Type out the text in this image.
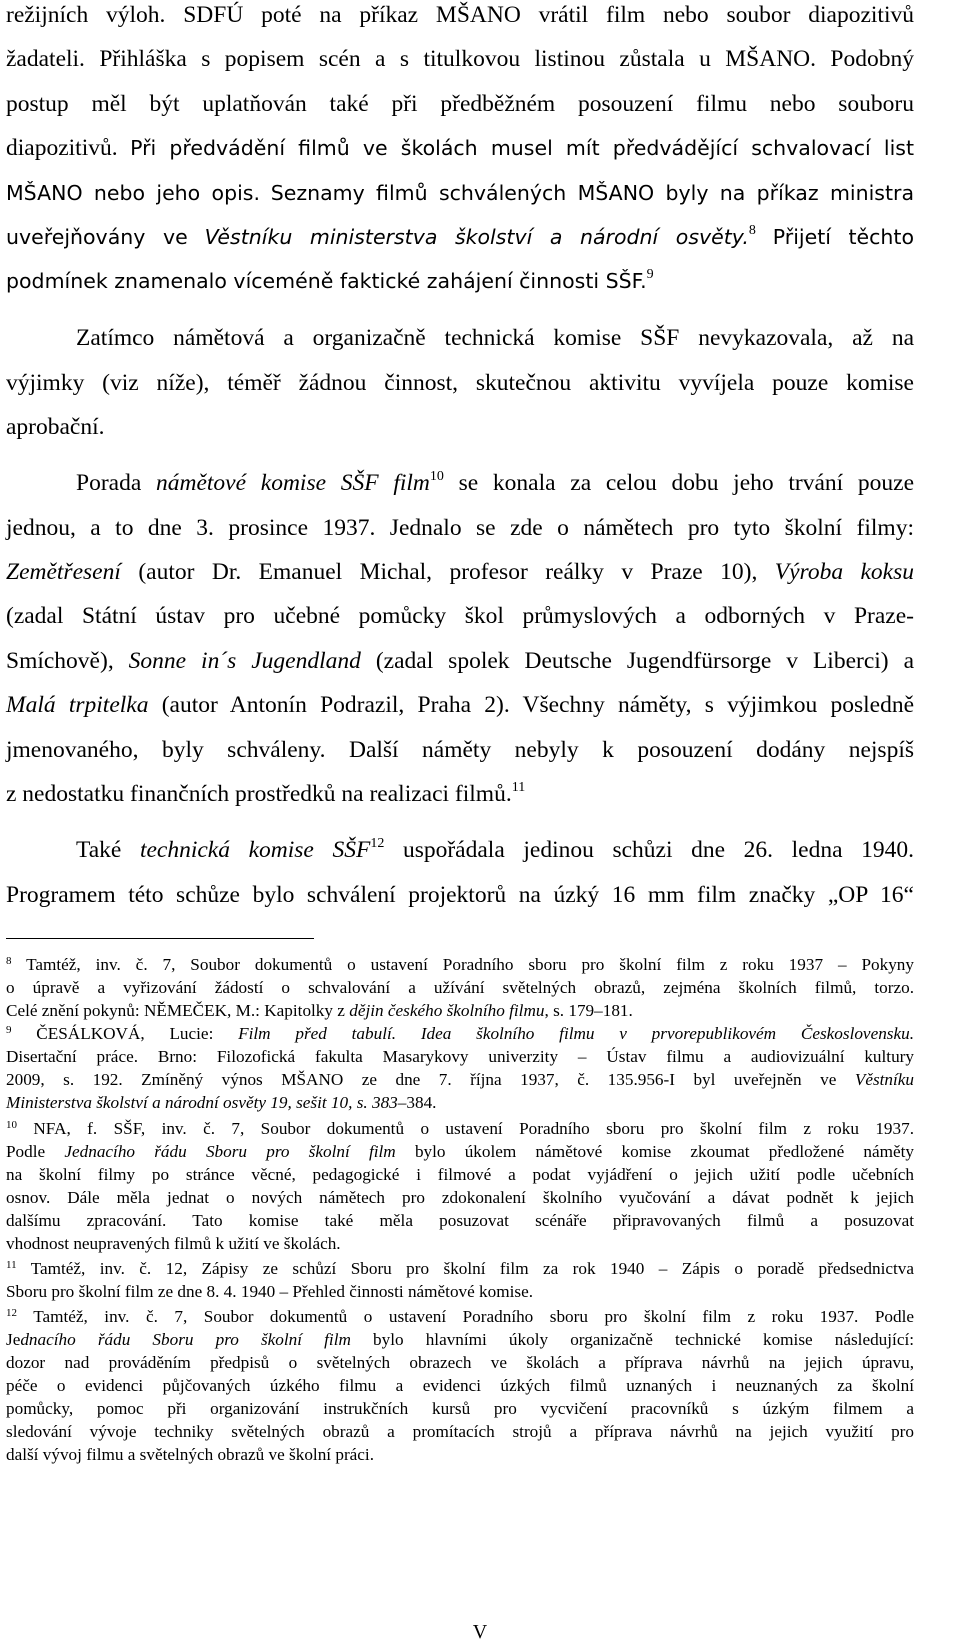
režijních výloh. SDFÚ poté na příkaz MŠANO vrátil film nebo soubor diapozitivů
žadateli. Přihláška s popisem scén a s titulkovou listinou zůstala u MŠANO. Podobný
postup měl být uplatňován také při předběžném posouzení filmu nebo souboru
diapozitivů. Při předvádění filmů ve školách musel mít předvádějící schvalovací list
MŠANO nebo jeho opis. Seznamy filmů schválených MŠANO byly na příkaz ministra
uveřejňovány ve Věstníku ministerstva školství a národní osvěty.$^8$ Přijetí těchto
podmínek znamenalo víceméně faktické zahájení činnosti SŠF.$^9$
Zatímco námětová a organizačně technická komise SŠF nevykazovala, až na
výjimky (viz níže), téměř žádnou činnost, skutečnou aktivitu vyvíjela pouze komise
aprobační.
Porada námětové komise SŠF film$^{10}$ se konala za celou dobu jeho trvání pouze
jednou, a to dne 3. prosince 1937. Jednalo se zde o námětech pro tyto školní filmy:
Zemětřesení (autor Dr. Emanuel Michal, profesor reálky v Praze 10), Výroba koksu
(zadal Státní ústav pro učebné pomůcky škol průmyslových a odborných v Praze-
Smíchově), Sonne in´s Jugendland (zadal spolek Deutsche Jugendfürsorge v Liberci) a
Malá trpitelka (autor Antonín Podrazil, Praha 2). Všechny náměty, s výjimkou posledně
jmenovaného, byly schváleny. Další náměty nebyly k posouzení dodány nejspíš
z nedostatku finančních prostředků na realizaci filmů.$^{11}$
Také technická komise SŠF$^{12}$ uspořádala jedinou schůzi dne 26. ledna 1940.
Programem této schůze bylo schválení projektorů na úzký 16 mm film značky „OP 16“
$^8$ Tamtéž, inv. č. 7, Soubor dokumentů o ustavení Poradního sboru pro školní film z roku 1937 – Pokyny
o úpravě a vyřizování žádostí o schvalování a užívání světelných obrazů, zejména školních filmů, torzo.
Celé znění pokynů: NĚMEČEK, M.: Kapitolky z dějin českého školního filmu, s. 179–181.
$^9$ ČESÁLKOVÁ, Lucie: Film před tabulí. Idea školního filmu v prvorepublikovém Československu.
Disertační práce. Brno: Filozofická fakulta Masarykovy univerzity – Ústav filmu a audiovizuální kultury
2009, s. 192. Zmíněný výnos MŠANO ze dne 7. října 1937, č. 135.956-I byl uveřejněn ve Věstníku
Ministerstva školství a národní osvěty 19, sešit 10, s. 383–384.
$^{10}$ NFA, f. SŠF, inv. č. 7, Soubor dokumentů o ustavení Poradního sboru pro školní film z roku 1937.
Podle Jednacího řádu Sboru pro školní film bylo úkolem námětové komise zkoumat předložené náměty
na školní filmy po stránce věcné, pedagogické i filmové a podat vyjádření o jejich užití podle učebních
osnov. Dále měla jednat o nových námětech pro zdokonalení školního vyučování a dávat podnět k jejich
dalšímu zpracování. Tato komise také měla posuzovat scénáře připravovaných filmů a posuzovat
vhodnost neupravených filmů k užití ve školách.
$^{11}$ Tamtéž, inv. č. 12, Zápisy ze schůzí Sboru pro školní film za rok 1940 – Zápis o poradě předsednictva
Sboru pro školní film ze dne 8. 4. 1940 – Přehled činnosti námětové komise.
$^{12}$ Tamtéž, inv. č. 7, Soubor dokumentů o ustavení Poradního sboru pro školní film z roku 1937. Podle
Jednacího řádu Sboru pro školní film bylo hlavními úkoly organizačně technické komise následující:
dozor nad prováděním předpisů o světelných obrazech ve školách a příprava návrhů na jejich úpravu,
péče o evidenci půjčovaných úzkého filmu a evidenci úzkých filmů uznaných i neuznaných za školní
pomůcky, pomoc při organizování instrukčních kursů pro vycvičení pracovníků s úzkým filmem a
sledování vývoje techniky světelných obrazů a promítacích strojů a příprava návrhů na jejich využití pro
další vývoj filmu a světelných obrazů ve školní práci.
V
